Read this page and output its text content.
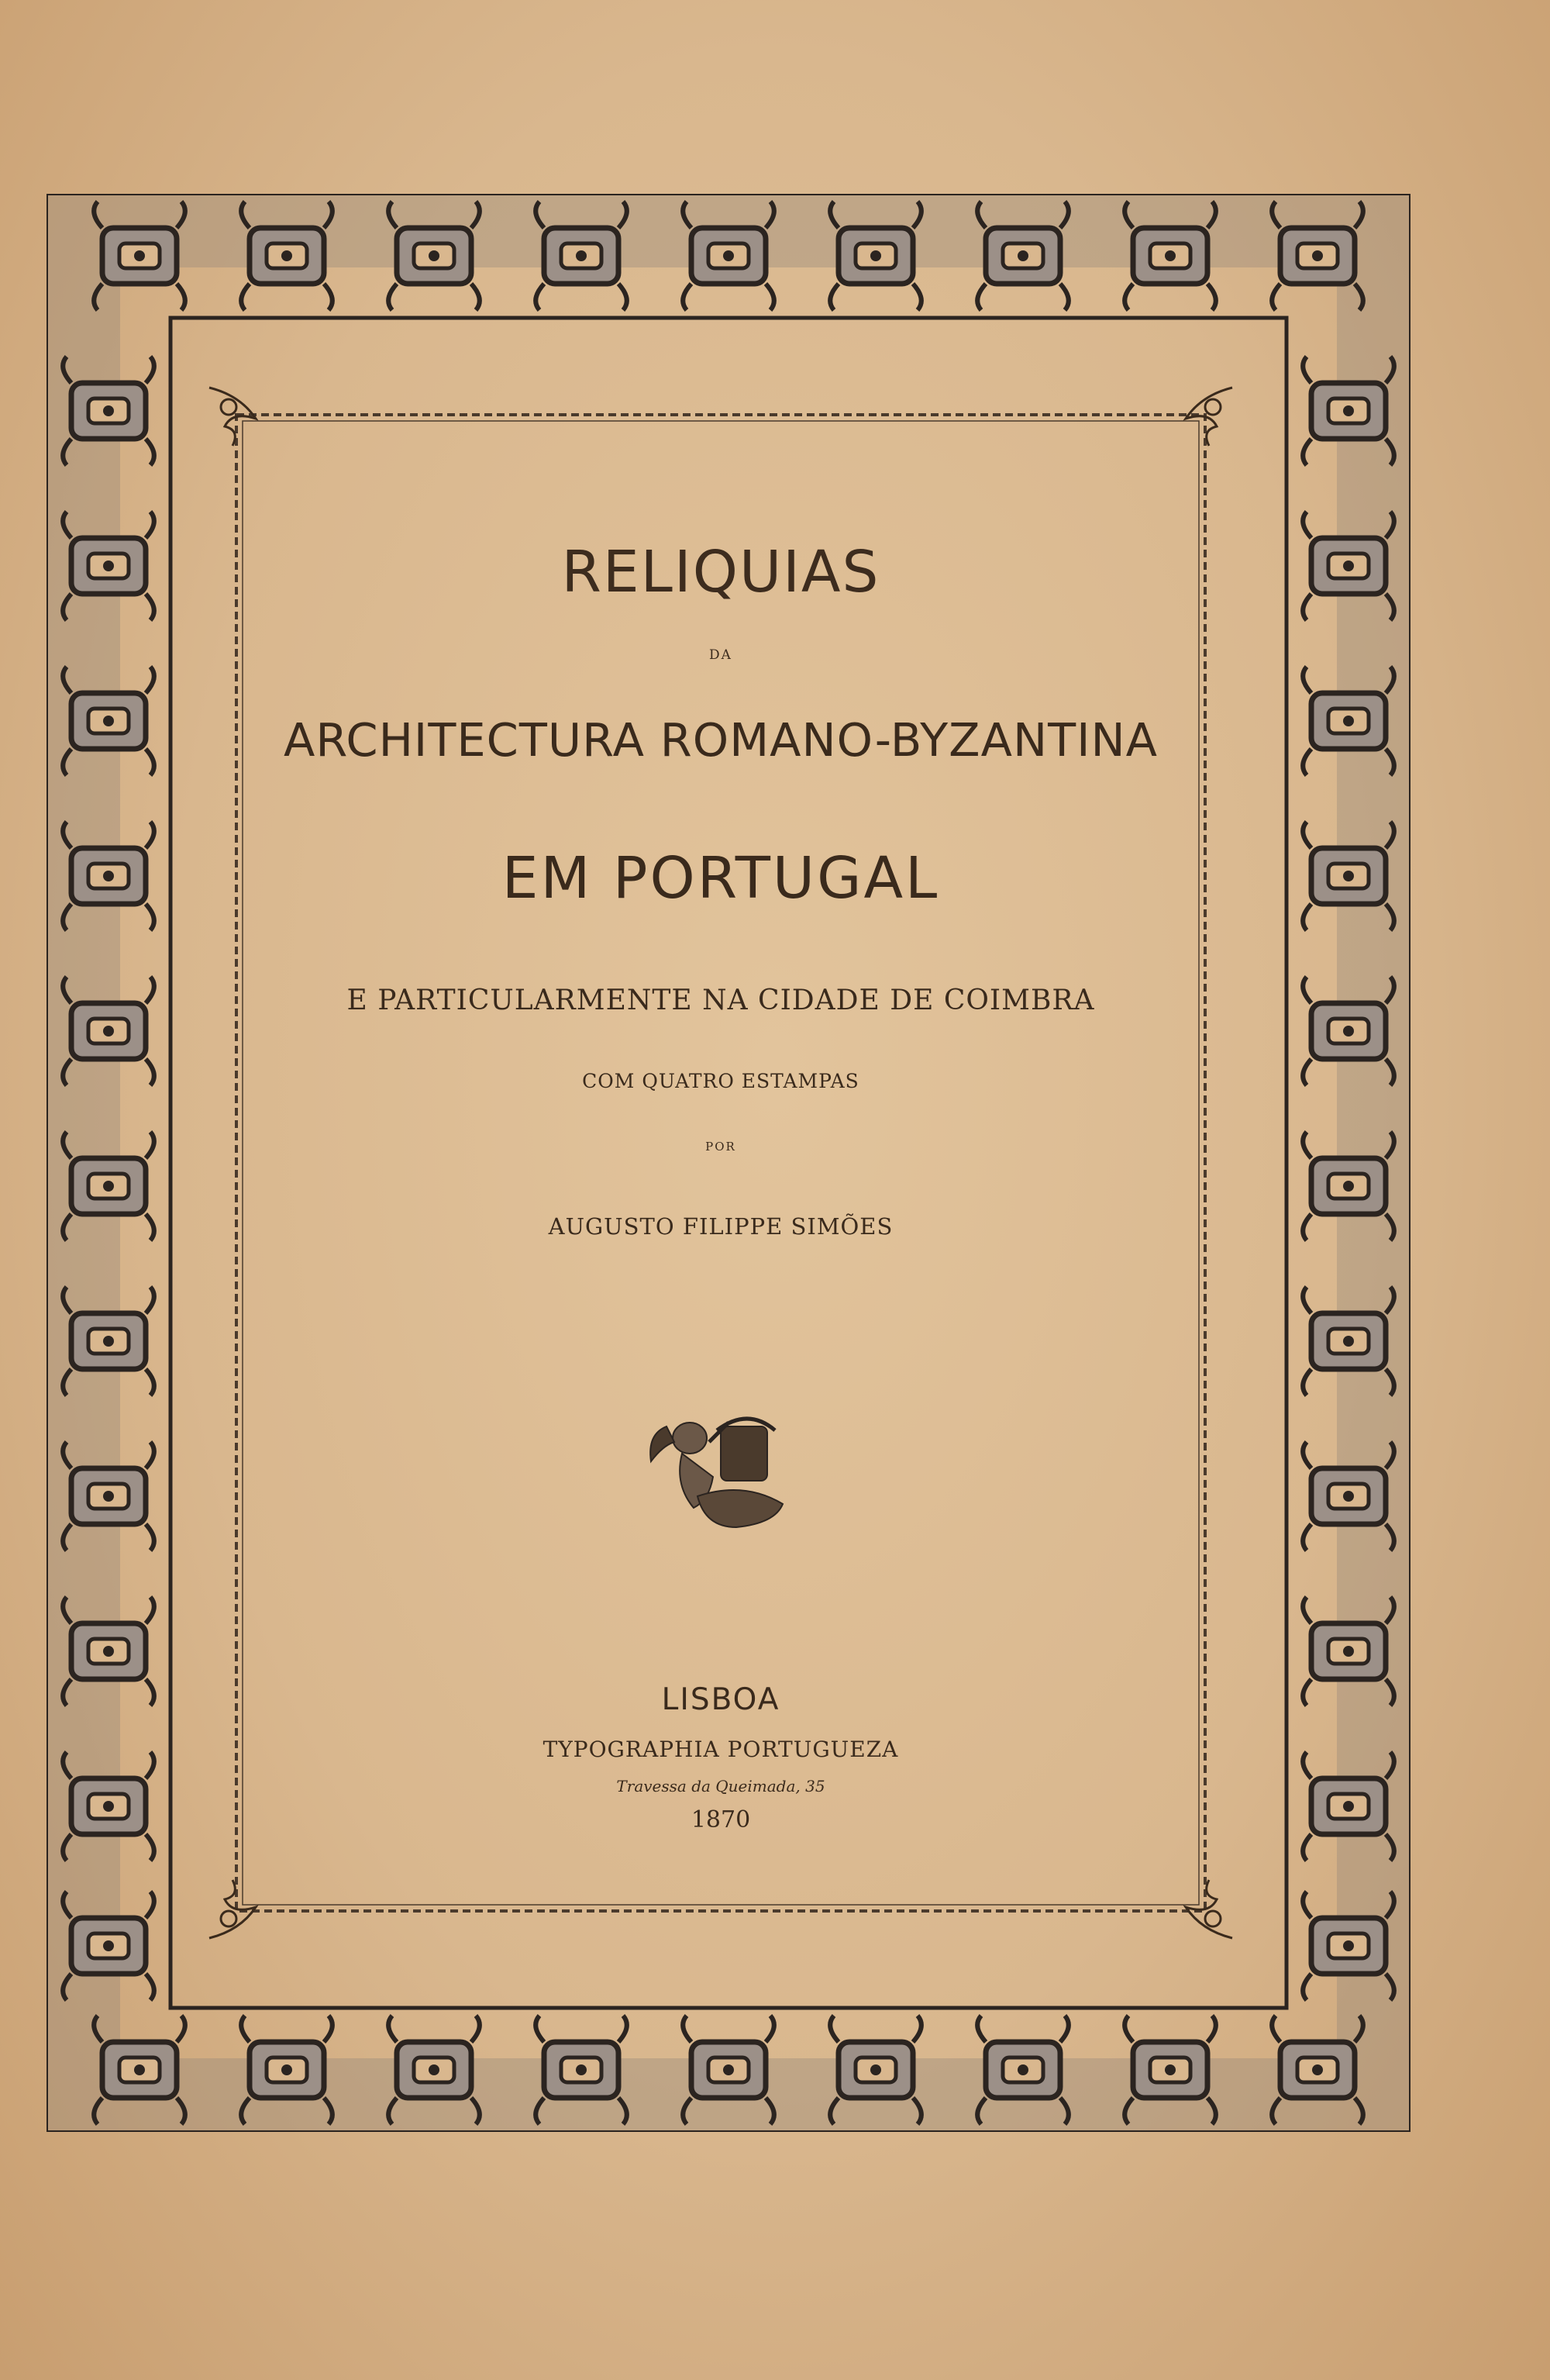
RELIQUIAS
DA
ARCHITECTURA ROMANO-BYZANTINA
EM PORTUGAL
E PARTICULARMENTE NA CIDADE DE COIMBRA
COM QUATRO ESTAMPAS
POR
AUGUSTO FILIPPE SIMÕES
LISBOA
TYPOGRAPHIA PORTUGUEZA
Travessa da Queimada, 35
1870
